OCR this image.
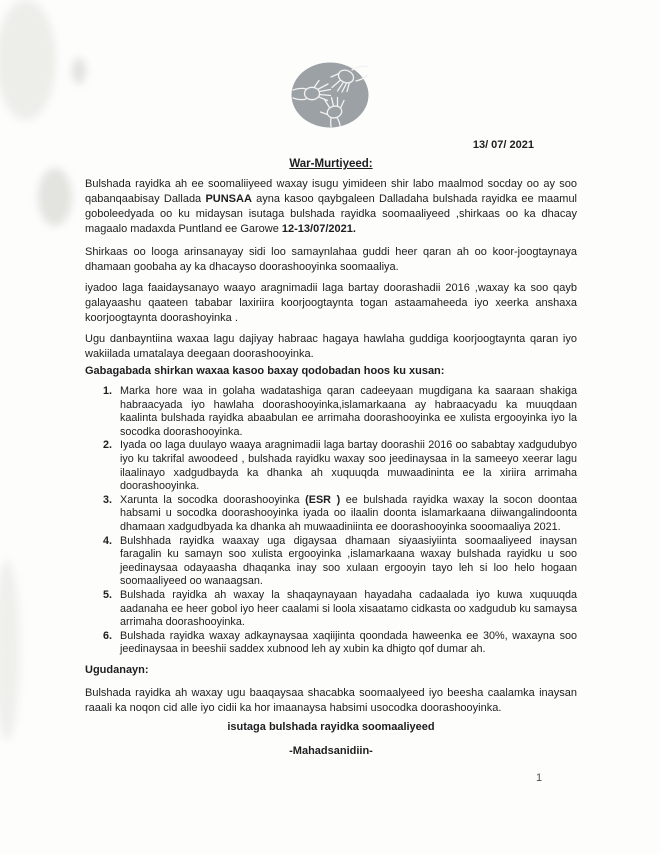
13/ 07/ 2021
War-Murtiyeed:
Bulshada rayidka ah ee soomaliiyeed waxay isugu yimideen shir labo maalmod socday oo ay soo qabanqaabisay Dallada PUNSAA ayna kasoo qaybgaleen Dalladaha bulshada rayidka ee maamul goboleedyada oo ku midaysan isutaga bulshada rayidka soomaaliyeed ,shirkaas oo ka dhacay magaalo madaxda Puntland ee Garowe 12-13/07/2021.
Shirkaas oo looga arinsanayay sidi loo samaynlahaa guddi heer qaran ah oo koor-joogtaynaya dhamaan goobaha ay ka dhacayso doorashooyinka soomaaliya.
iyadoo laga faaidaysanayo waayo aragnimadii laga bartay doorashadii 2016 ,waxay ka soo qayb galayaashu qaateen tababar laxiriira koorjoogtaynta togan astaamaheeda iyo xeerka anshaxa koorjoogtaynta doorashoyinka .
Ugu danbayntiina waxaa lagu dajiyay habraac hagaya hawlaha guddiga koorjoogtaynta qaran iyo wakiilada umatalaya deegaan doorashooyinka.
Gabagabada shirkan waxaa kasoo baxay qodobadan hoos ku xusan:
1. Marka hore waa in golaha wadatashiga qaran cadeeyaan mugdigana ka saaraan shakiga habraacyada iyo hawlaha doorashooyinka,islamarkaana ay habraacyadu ka muuqdaan kaalinta bulshada rayidka abaabulan ee arrimaha doorashooyinka ee xulista ergooyinka iyo la socodka doorashooyinka.
2. Iyada oo laga duulayo waaya aragnimadii laga bartay doorashii 2016 oo sababtay xadgudubyo iyo ku takrifal awoodeed , bulshada rayidku waxay soo jeedinaysaa in la sameeyo xeerar lagu ilaalinayo xadgudbayda ka dhanka ah xuquuqda muwaadininta ee la xiriira arrimaha doorashooyinka.
3. Xarunta la socodka doorashooyinka (ESR ) ee bulshada rayidka waxay la socon doontaa habsami u socodka doorashooyinka iyada oo ilaalin doonta islamarkaana diiwangalindoonta dhamaan xadgudbyada ka dhanka ah muwaadiniinta ee doorashooyinka sooomaaliya 2021.
4. Bulshhada rayidka waaxay uga digaysaa dhamaan siyaasiyiinta soomaaliyeed inaysan faragalin ku samayn soo xulista ergooyinka ,islamarkaana waxay bulshada rayidku u soo jeedinaysaa odayaasha dhaqanka inay soo xulaan ergooyin tayo leh si loo helo hogaan soomaaliyeed oo wanaagsan.
5. Bulshada rayidka ah waxay la shaqaynayaan hayadaha cadaalada iyo kuwa xuquuqda aadanaha ee heer gobol iyo heer caalami si loola xisaatamo cidkasta oo xadgudub ku samaysa arrimaha doorashooyinka.
6. Bulshada rayidka waxay adkaynaysaa xaqiijinta qoondada haweenka ee 30%, waxayna soo jeedinaysaa in beeshii saddex xubnood leh ay xubin ka dhigto qof dumar ah.
Ugudanayn:
Bulshada rayidka ah waxay ugu baaqaysaa shacabka soomaalyeed iyo beesha caalamka inaysan raaali ka noqon cid alle iyo cidii ka hor imaanaysa habsimi usocodka doorashooyinka.
isutaga bulshada rayidka soomaaliyeed
-Mahadsanidiin-
1
